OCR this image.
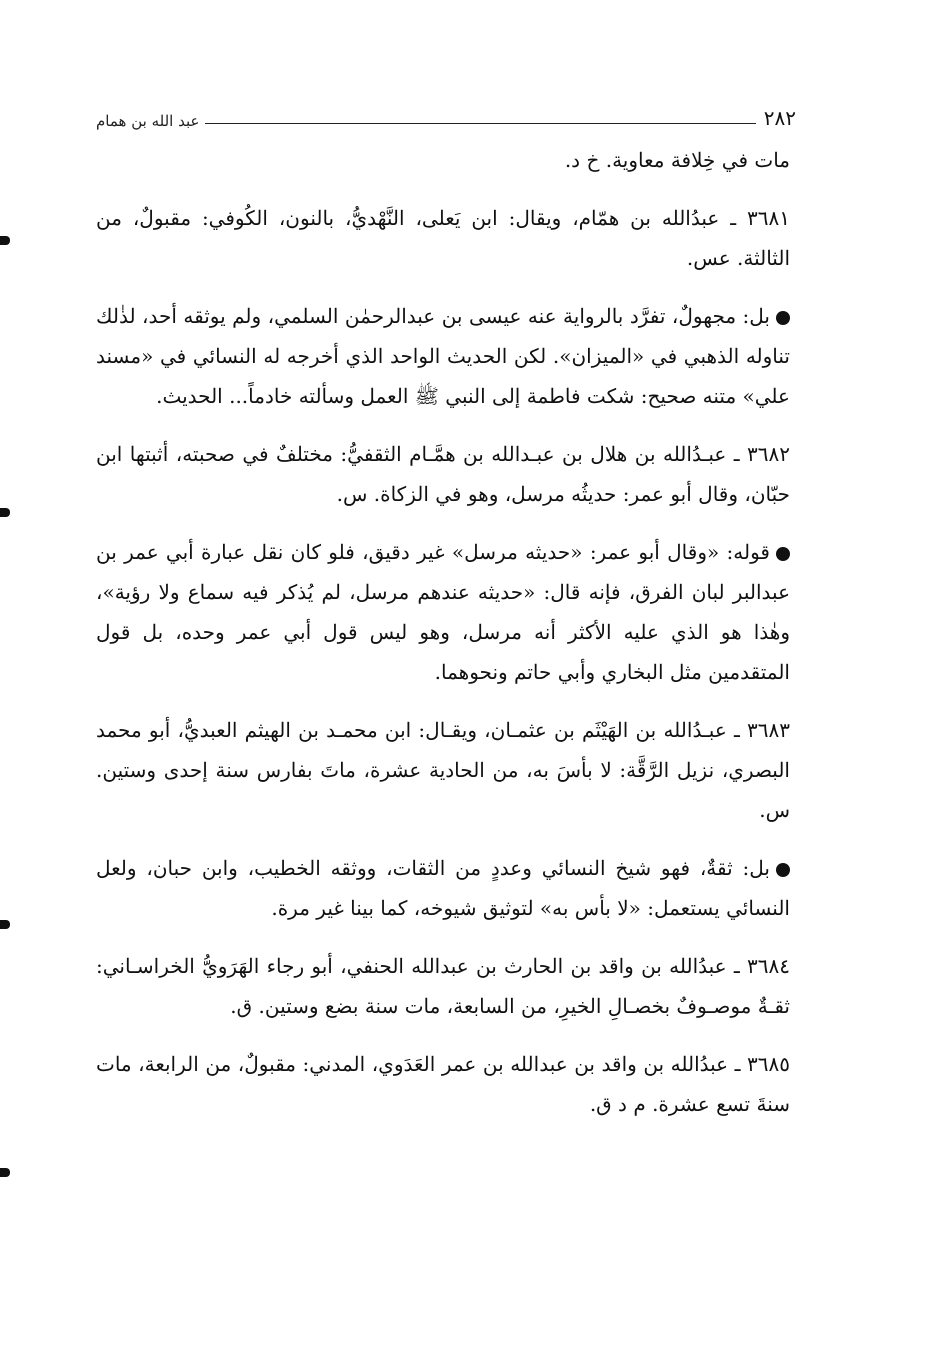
٢٨٢
عبد الله بن همام

مات في خِلافة معاوية. خ د.

٣٦٨١ ـ عبدُالله بن همّام، ويقال: ابن يَعلى، النَّهْديُّ، بالنون، الكُوفي: مقبولٌ، من الثالثة. عس.

بل: مجهولٌ، تفرَّد بالرواية عنه عيسى بن عبدالرحمٰن السلمي، ولم يوثقه أحد، لذٰلك تناوله الذهبي في «الميزان». لكن الحديث الواحد الذي أخرجه له النسائي في «مسند علي» متنه صحيح: شكت فاطمة إلى النبي ﷺ العمل وسألته خادماً... الحديث.

٣٦٨٢ ـ عبـدُالله بن هلال بن عبـدالله بن همَّـام الثقفيُّ: مختلفٌ في صحبته، أثبتها ابن حبّان، وقال أبو عمر: حديثُه مرسل، وهو في الزكاة. س.

قوله: «وقال أبو عمر: «حديثه مرسل» غير دقيق، فلو كان نقل عبارة أبي عمر بن عبدالبر لبان الفرق، فإنه قال: «حديثه عندهم مرسل، لم يُذكر فيه سماع ولا رؤية»، وهٰذا هو الذي عليه الأكثر أنه مرسل، وهو ليس قول أبي عمر وحده، بل قول المتقدمين مثل البخاري وأبي حاتم ونحوهما.

٣٦٨٣ ـ عبـدُالله بن الهَيْثَم بن عثمـان، ويقـال: ابن محمـد بن الهيثم العبديُّ، أبو محمد البصري، نزيل الرَّقَّة: لا بأسَ به، من الحادية عشرة، ماتَ بفارس سنة إحدى وستين. س.

بل: ثقةٌ، فهو شيخ النسائي وعددٍ من الثقات، ووثقه الخطيب، وابن حبان، ولعل النسائي يستعمل: «لا بأس به» لتوثيق شيوخه، كما بينا غير مرة.

٣٦٨٤ ـ عبدُالله بن واقد بن الحارث بن عبدالله الحنفي، أبو رجاء الهَرَويُّ الخراسـاني: ثقـةٌ موصـوفٌ بخصـالِ الخيرِ، من السابعة، مات سنة بضع وستين. ق.

٣٦٨٥ ـ عبدُالله بن واقد بن عبدالله بن عمر العَدَوي، المدني: مقبولٌ، من الرابعة، مات سنةَ تسع عشرة. م د ق.
